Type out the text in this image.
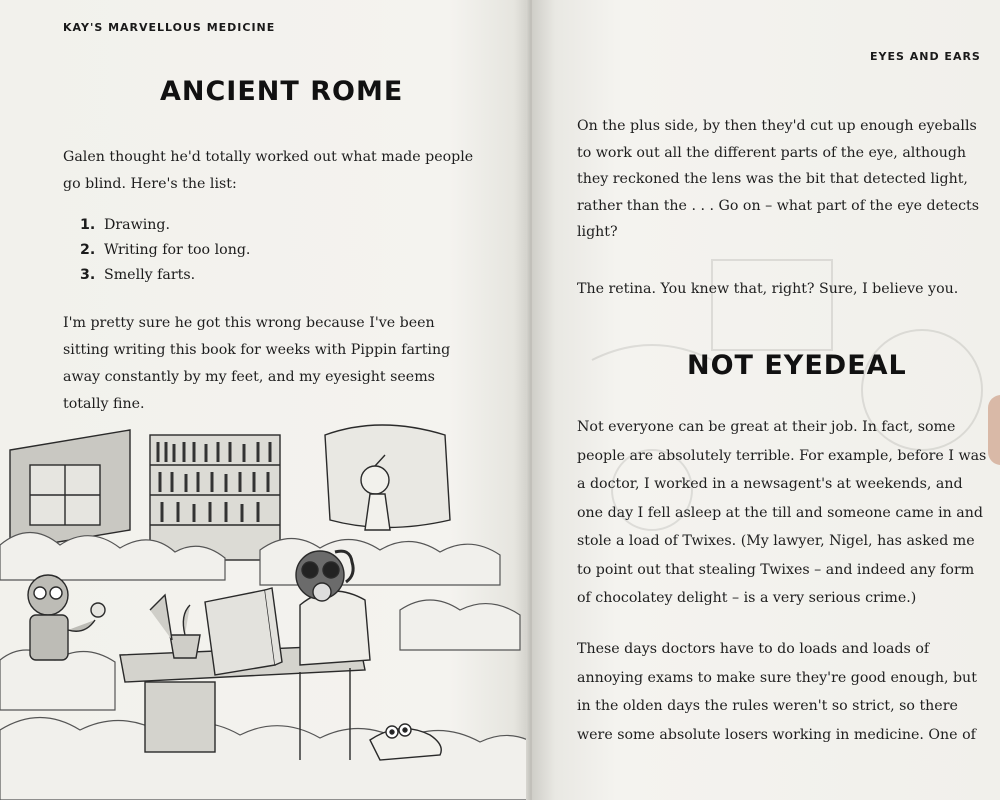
KAY'S MARVELLOUS MEDICINE
ANCIENT ROME

Galen thought he'd totally worked out what made people

go blind. Here's the list:

1. Drawing.
2. Writing for too long.
3. Smelly farts.

I'm pretty sure he got this wrong because I've been

sitting writing this book for weeks with Pippin farting

away constantly by my feet, and my eyesight seems

totally fine.

EYES AND EARS

On the plus side, by then they'd cut up enough eyeballs

to work out all the different parts of the eye, although

they reckoned the lens was the bit that detected light,

rather than the . . . Go on – what part of the eye detects

light?

The retina. You knew that, right? Sure, I believe you.

NOT EYEDEAL

Not everyone can be great at their job. In fact, some

people are absolutely terrible. For example, before I was

a doctor, I worked in a newsagent's at weekends, and

one day I fell asleep at the till and someone came in and

stole a load of Twixes. (My lawyer, Nigel, has asked me

to point out that stealing Twixes – and indeed any form

of chocolatey delight – is a very serious crime.)

These days doctors have to do loads and loads of

annoying exams to make sure they're good enough, but

in the olden days the rules weren't so strict, so there

were some absolute losers working in medicine. One of
